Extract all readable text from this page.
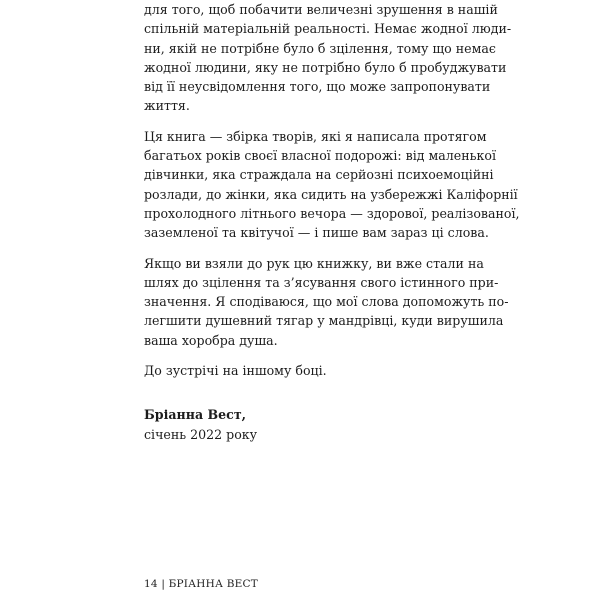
для того, щоб побачити величезні зрушення в нашій
спільній матеріальній реальності. Немає жодної люди-
ни, якій не потрібне було б зцілення, тому що немає
жодної людини, яку не потрібно було б пробуджувати
від її неусвідомлення того, що може запропонувати
життя.
Ця книга — збірка творів, які я написала протягом
багатьох років своєї власної подорожі: від маленької
дівчинки, яка страждала на серйозні психоемоційні
розлади, до жінки, яка сидить на узбережжі Каліфорнії
прохолодного літнього вечора — здорової, реалізованої,
заземленої та квітучої — і пише вам зараз ці слова.
Якщо ви взяли до рук цю книжку, ви вже стали на
шлях до зцілення та з’ясування свого істинного при-
значення. Я сподіваюся, що мої слова допоможуть по-
легшити душевний тягар у мандрівці, куди вирушила
ваша хоробра душа.
До зустрічі на іншому боці.
Бріанна Вест,
січень 2022 року
14 | БРІАННА ВЕСТ
